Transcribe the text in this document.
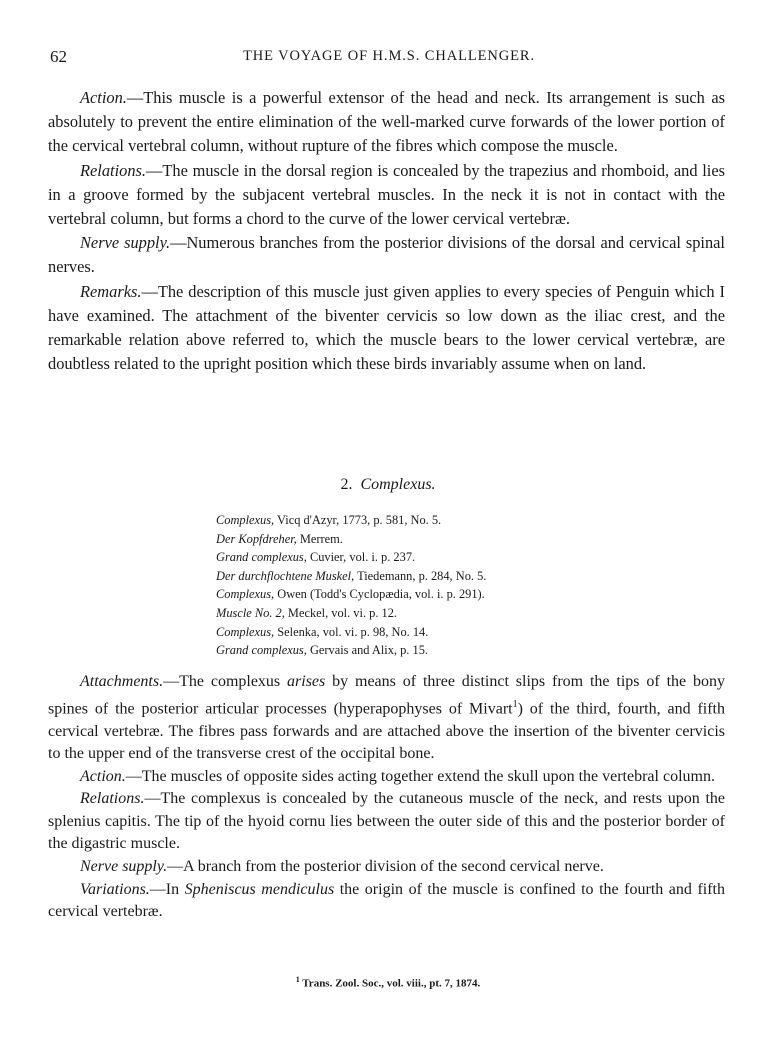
62	THE VOYAGE OF H.M.S. CHALLENGER.

Action.—This muscle is a powerful extensor of the head and neck. Its arrangement is such as absolutely to prevent the entire elimination of the well-marked curve forwards of the lower portion of the cervical vertebral column, without rupture of the fibres which compose the muscle.

Relations.—The muscle in the dorsal region is concealed by the trapezius and rhomboid, and lies in a groove formed by the subjacent vertebral muscles. In the neck it is not in contact with the vertebral column, but forms a chord to the curve of the lower cervical vertebræ.

Nerve supply.—Numerous branches from the posterior divisions of the dorsal and cervical spinal nerves.

Remarks.—The description of this muscle just given applies to every species of Penguin which I have examined. The attachment of the biventer cervicis so low down as the iliac crest, and the remarkable relation above referred to, which the muscle bears to the lower cervical vertebræ, are doubtless related to the upright position which these birds invariably assume when on land.

2. Complexus.
Complexus, Vicq d'Azyr, 1773, p. 581, No. 5.
Der Kopfdreher, Merrem.
Grand complexus, Cuvier, vol. i. p. 237.
Der durchflochtene Muskel, Tiedemann, p. 284, No. 5.
Complexus, Owen (Todd's Cyclopædia, vol. i. p. 291).
Muscle No. 2, Meckel, vol. vi. p. 12.
Complexus, Selenka, vol. vi. p. 98, No. 14.
Grand complexus, Gervais and Alix, p. 15.

Attachments.—The complexus arises by means of three distinct slips from the tips of the bony spines of the posterior articular processes (hyperapophyses of Mivart$^1$) of the third, fourth, and fifth cervical vertebræ. The fibres pass forwards and are attached above the insertion of the biventer cervicis to the upper end of the transverse crest of the occipital bone.

Action.—The muscles of opposite sides acting together extend the skull upon the vertebral column.

Relations.—The complexus is concealed by the cutaneous muscle of the neck, and rests upon the splenius capitis. The tip of the hyoid cornu lies between the outer side of this and the posterior border of the digastric muscle.

Nerve supply.—A branch from the posterior division of the second cervical nerve.

Variations.—In Spheniscus mendiculus the origin of the muscle is confined to the fourth and fifth cervical vertebræ.

$^1$ Trans. Zool. Soc., vol. viii., pt. 7, 1874.
